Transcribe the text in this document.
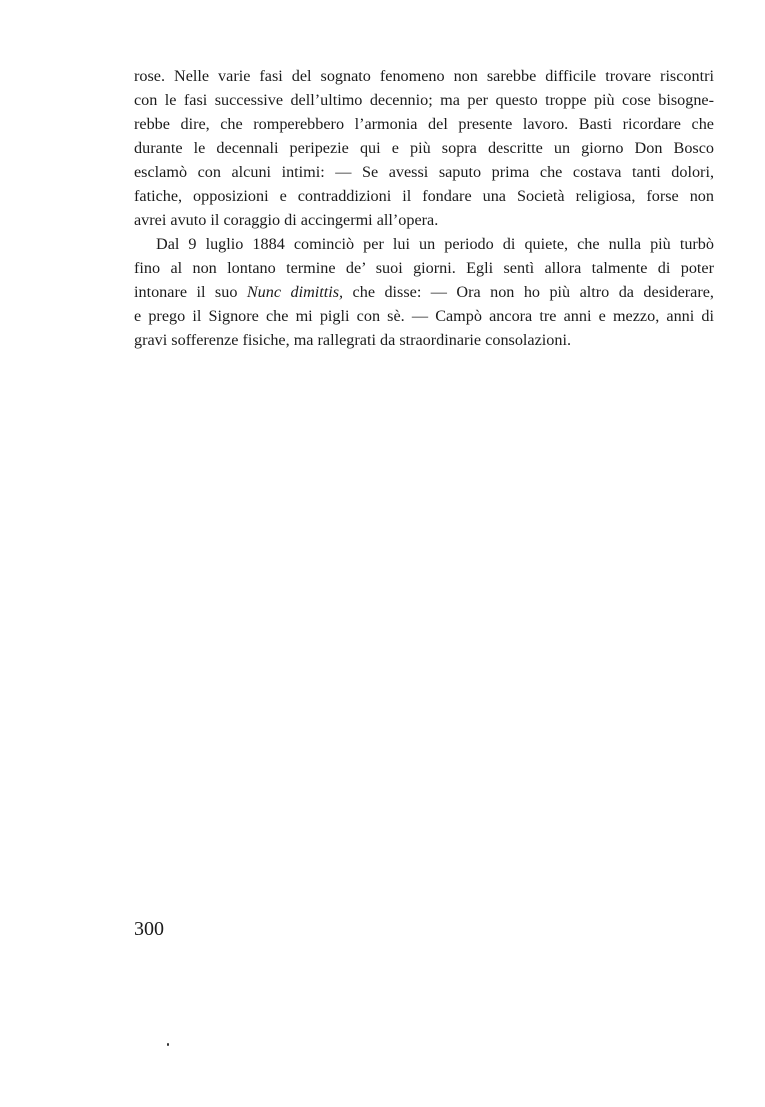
rose. Nelle varie fasi del sognato fenomeno non sarebbe difficile trovare riscontri
con le fasi successive dell’ultimo decennio; ma per questo troppe più cose bisogne-
rebbe dire, che romperebbero l’armonia del presente lavoro. Basti ricordare che
durante le decennali peripezie qui e più sopra descritte un giorno Don Bosco
esclamò con alcuni intimi: — Se avessi saputo prima che costava tanti dolori,
fatiche, opposizioni e contraddizioni il fondare una Società religiosa, forse non
avrei avuto il coraggio di accingermi all’opera.

Dal 9 luglio 1884 cominciò per lui un periodo di quiete, che nulla più turbò
fino al non lontano termine de’ suoi giorni. Egli sentì allora talmente di poter
intonare il suo Nunc dimittis, che disse: — Ora non ho più altro da desiderare,
e prego il Signore che mi pigli con sè. — Campò ancora tre anni e mezzo, anni di
gravi sofferenze fisiche, ma rallegrati da straordinarie consolazioni.

300
